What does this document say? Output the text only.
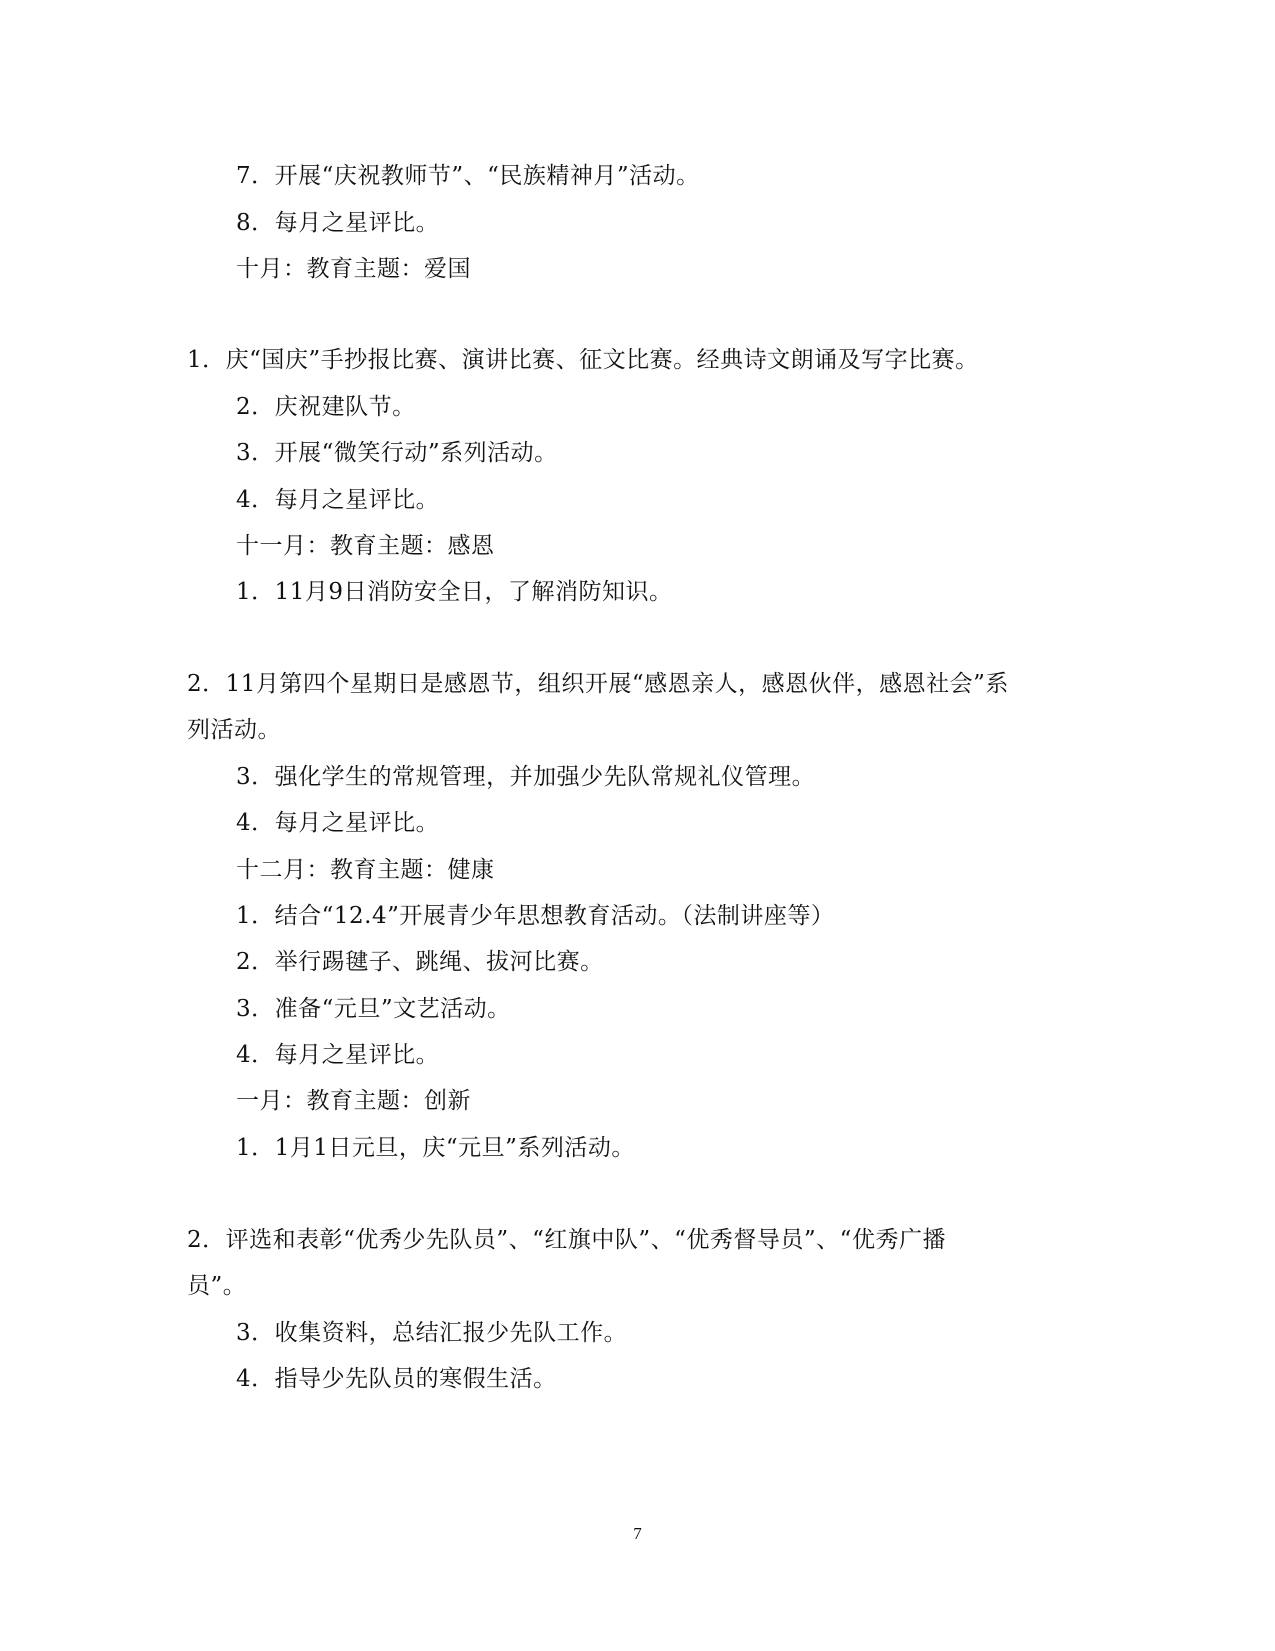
7．开展“庆祝教师节”、“民族精神月”活动。
8．每月之星评比。
十月：教育主题：爱国
1．庆“国庆”手抄报比赛、演讲比赛、征文比赛。经典诗文朗诵及写字比赛。
2．庆祝建队节。
3．开展“微笑行动”系列活动。
4．每月之星评比。
十一月：教育主题：感恩
1．11月9日消防安全日，了解消防知识。
2．11月第四个星期日是感恩节，组织开展“感恩亲人，感恩伙伴，感恩社会”系
列活动。
3．强化学生的常规管理，并加强少先队常规礼仪管理。
4．每月之星评比。
十二月：教育主题：健康
1．结合“12.4”开展青少年思想教育活动。（法制讲座等）
2．举行踢毽子、跳绳、拔河比赛。
3．准备“元旦”文艺活动。
4．每月之星评比。
一月：教育主题：创新
1．1月1日元旦，庆“元旦”系列活动。
2．评选和表彰“优秀少先队员”、“红旗中队”、“优秀督导员”、“优秀广播
员”。
3．收集资料，总结汇报少先队工作。
4．指导少先队员的寒假生活。
7
